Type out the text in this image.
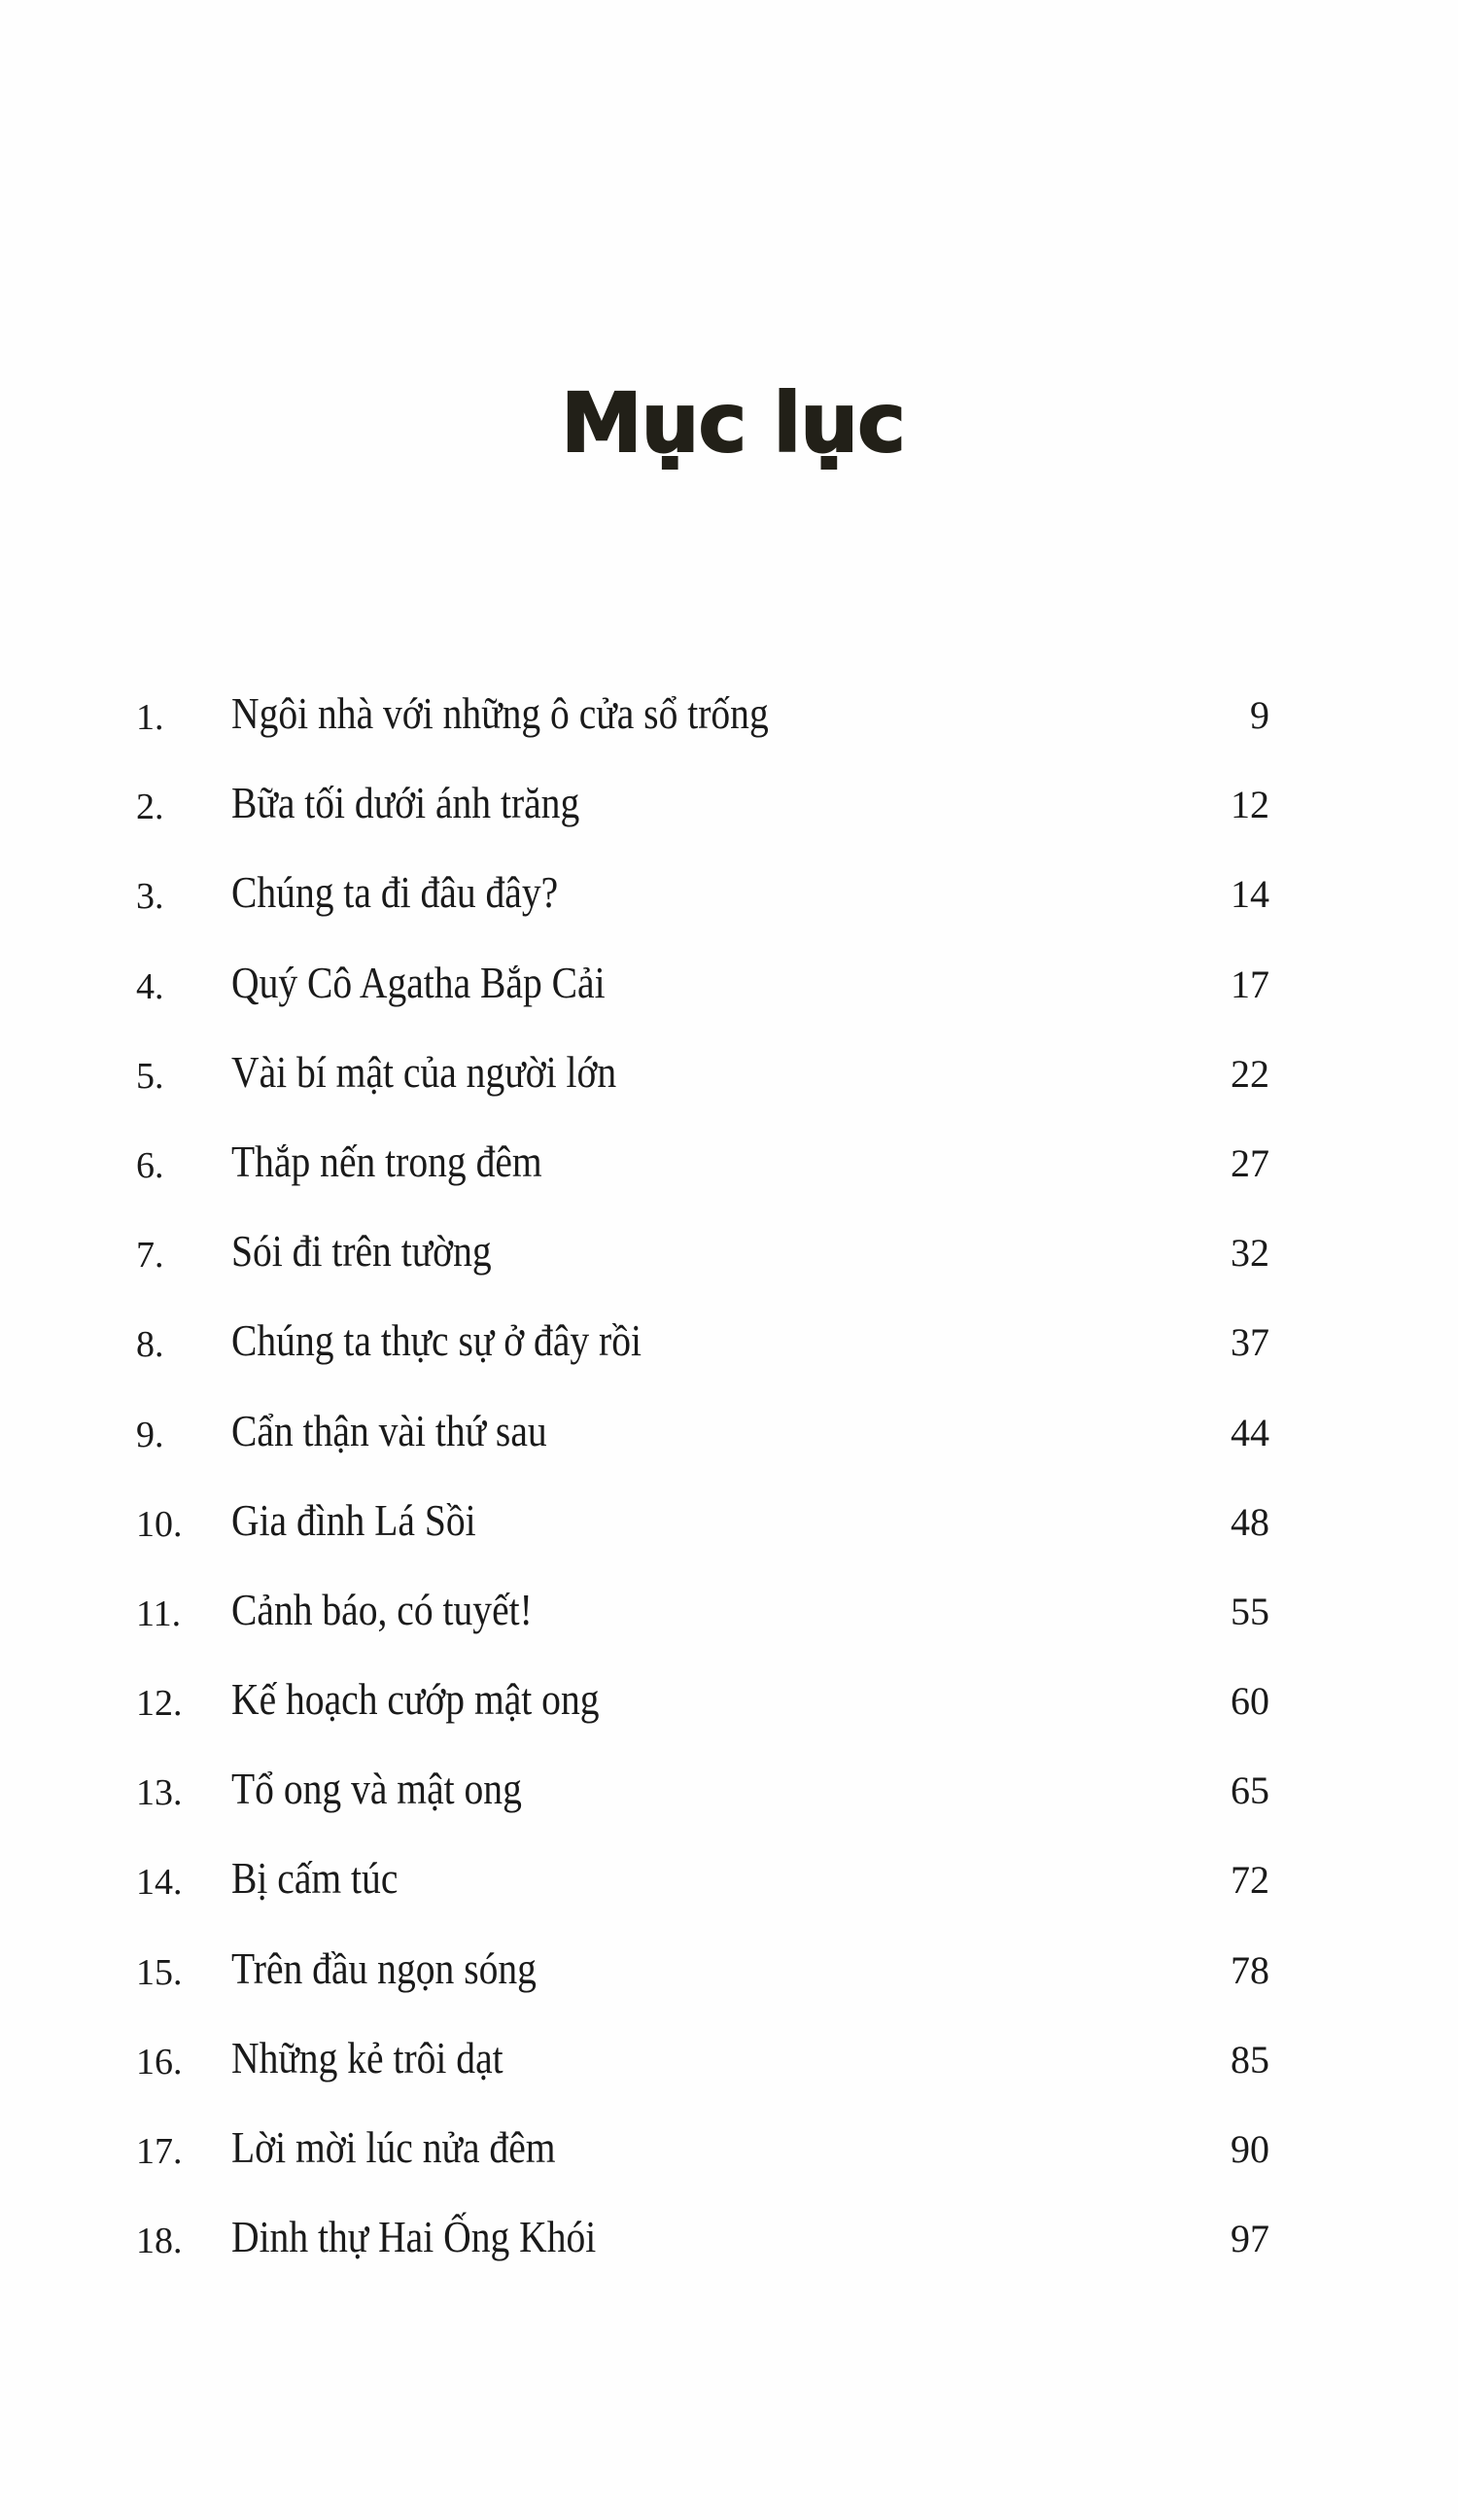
Mục lục
1. Ngôi nhà với những ô cửa sổ trống	9
2. Bữa tối dưới ánh trăng	12
3. Chúng ta đi đâu đây?	14
4. Quý Cô Agatha Bắp Cải	17
5. Vài bí mật của người lớn	22
6. Thắp nến trong đêm	27
7. Sói đi trên tường	32
8. Chúng ta thực sự ở đây rồi	37
9. Cẩn thận vài thứ sau	44
10. Gia đình Lá Sồi	48
11. Cảnh báo, có tuyết!	55
12. Kế hoạch cướp mật ong	60
13. Tổ ong và mật ong	65
14. Bị cấm túc	72
15. Trên đầu ngọn sóng	78
16. Những kẻ trôi dạt	85
17. Lời mời lúc nửa đêm	90
18. Dinh thự Hai Ống Khói	97
